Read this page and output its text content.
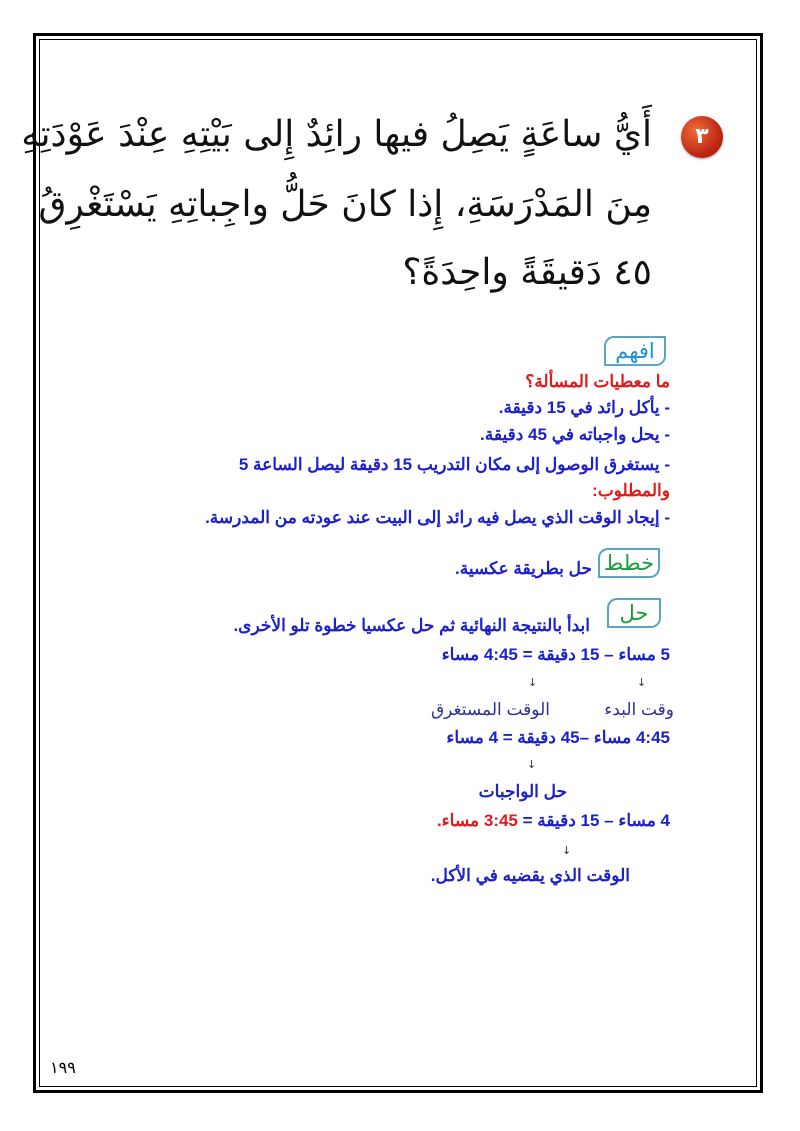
٣
أَيُّ ساعَةٍ يَصِلُ فيها رائِدٌ إِلى بَيْتِهِ عِنْدَ عَوْدَتِهِ
مِنَ المَدْرَسَةِ، إِذا كانَ حَلُّ واجِباتِهِ يَسْتَغْرِقُ
٤٥ دَقيقَةً واحِدَةً؟
افهم
ما معطيات المسألة؟
- يأكل رائد في 15 دقيقة.
- يحل واجباته في 45 دقيقة.
- يستغرق الوصول إلى مكان التدريب 15 دقيقة ليصل الساعة 5
والمطلوب:
- إيجاد الوقت الذي يصل فيه رائد إلى البيت عند عودته من المدرسة.
خطط
حل بطريقة عكسية.
حل
ابدأ بالنتيجة النهائية ثم حل عكسيا خطوة تلو الأخرى.
5 مساء – 15 دقيقة = 4:45 مساء
↓
↓
وقت البدء
الوقت المستغرق
4:45 مساء –45 دقيقة = 4 مساء
↓
حل الواجبات
4 مساء – 15 دقيقة = 3:45 مساء.
↓
الوقت الذي يقضيه في الأكل.
١٩٩
